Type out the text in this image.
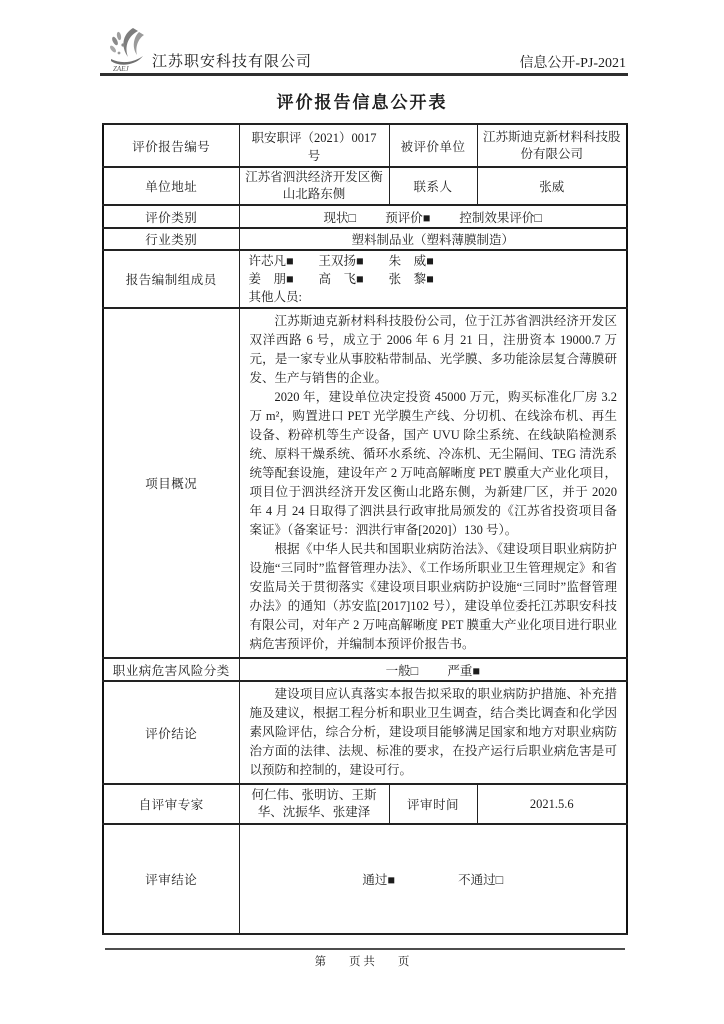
ZAEJ 江苏职安科技有限公司	信息公开-PJ-2021
评价报告信息公开表
评价报告编号	职安职评（2021）0017 号	被评价单位	江苏斯迪克新材料科技股份有限公司
单位地址	江苏省泗洪经济开发区衡山北路东侧	联系人	张威
评价类别	现状□ 预评价■ 控制效果评价□		
行业类别	塑料制品业（塑料薄膜制造）		
报告编制组成员	许芯凡■　　王双扬■　　朱　威■
姜　朋■　　高　飞■　　张　黎■
其他人员:		

项目概况	江苏斯迪克新材料科技股份公司，位于江苏省泗洪经济开发区双洋西路 6 号，成立于 2006 年 6 月 21 日，注册资本 19000.7 万元，是一家专业从事胶粘带制品、光学膜、多功能涂层复合薄膜研发、生产与销售的企业。

2020 年，建设单位决定投资 45000 万元，购买标准化厂房 3.2 万 m²，购置进口 PET 光学膜生产线、分切机、在线涂布机、再生设备、粉碎机等生产设备，国产 UVU 除尘系统、在线缺陷检测系统、原料干燥系统、循环水系统、冷冻机、无尘隔间、TEG 清洗系统等配套设施，建设年产 2 万吨高解晰度 PET 膜重大产业化项目，项目位于泗洪经济开发区衡山北路东侧，为新建厂区，并于 2020 年 4 月 24 日取得了泗洪县行政审批局颁发的《江苏省投资项目备案证》（备案证号：泗洪行审备[2020]）130 号）。

根据《中华人民共和国职业病防治法》、《建设项目职业病防护设施“三同时”监督管理办法》、《工作场所职业卫生管理规定》和省安监局关于贯彻落实《建设项目职业病防护设施“三同时”监督管理办法》的通知（苏安监[2017]102 号），建设单位委托江苏职安科技有限公司，对年产 2 万吨高解晰度 PET 膜重大产业化项目进行职业病危害预评价，并编制本预评价报告书。		

职业病危害风险分类	一般□ 严重■		
评价结论	建设项目应认真落实本报告拟采取的职业病防护措施、补充措施及建议，根据工程分析和职业卫生调查，结合类比调查和化学因素风险评估，综合分析，建设项目能够满足国家和地方对职业病防治方面的法律、法规、标准的要求，在投产运行后职业病危害是可以预防和控制的，建设可行。		

自评审专家	何仁伟、张明访、王斯华、沈振华、张建泽	评审时间	2021.5.6
评审结论	通过■ 不通过□		
第　　页 共　　页
